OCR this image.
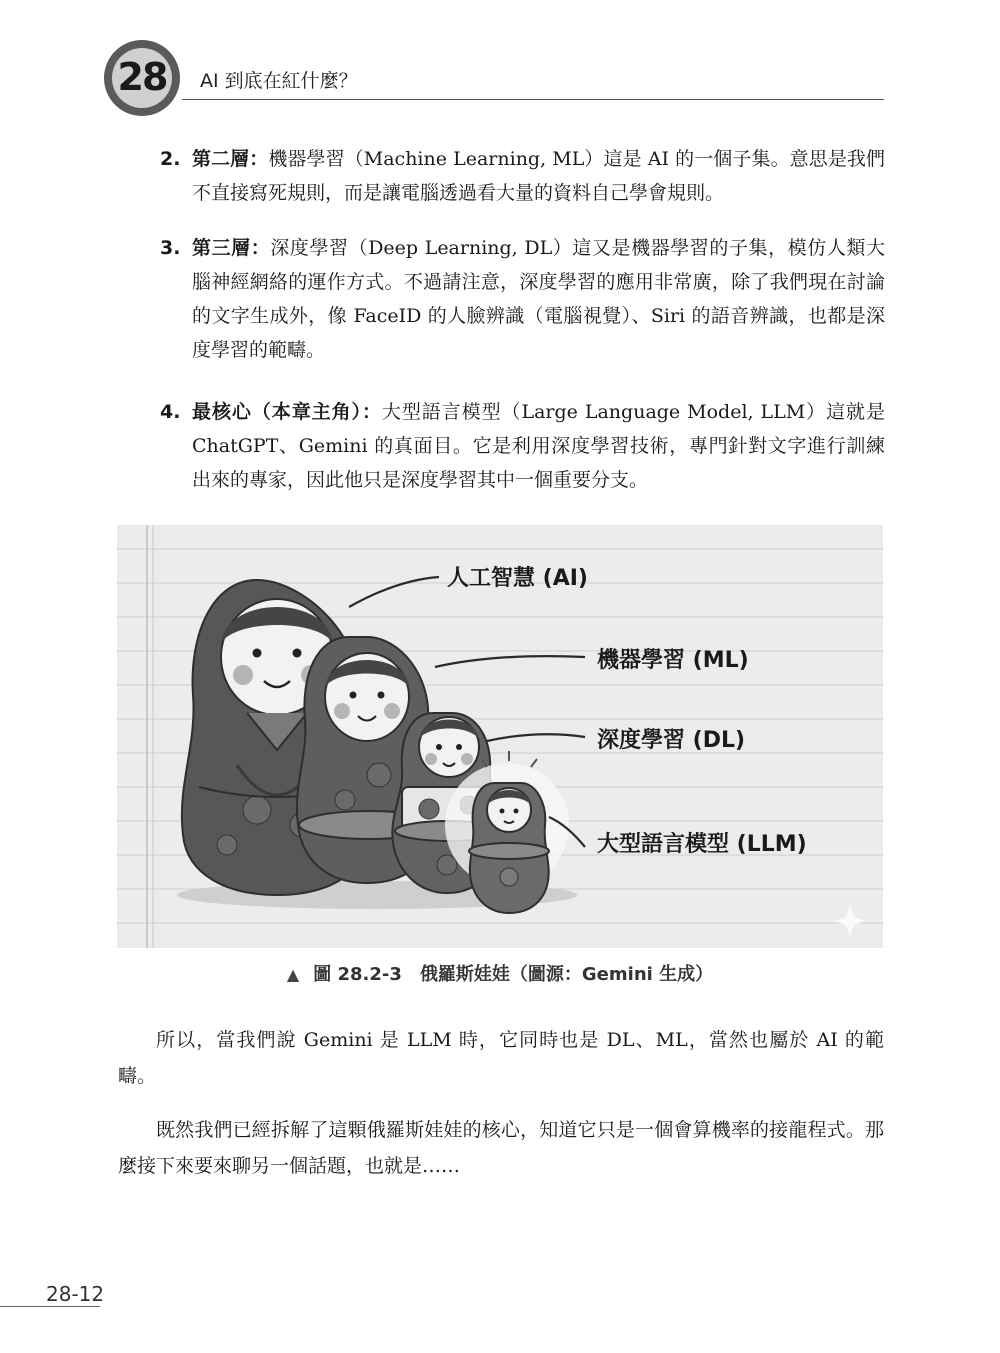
28	AI 到底在紅什麼？
2. 第二層：機器學習（Machine Learning, ML）這是 AI 的一個子集。意思是我們不直接寫死規則，而是讓電腦透過看大量的資料自己學會規則。
3. 第三層：深度學習（Deep Learning, DL）這又是機器學習的子集，模仿人類大腦神經網絡的運作方式。不過請注意，深度學習的應用非常廣，除了我們現在討論的文字生成外，像 FaceID 的人臉辨識（電腦視覺）、Siri 的語音辨識，也都是深度學習的範疇。
4. 最核心（本章主角）：大型語言模型（Large Language Model, LLM）這就是 ChatGPT、Gemini 的真面目。它是利用深度學習技術，專門針對文字進行訓練出來的專家，因此他只是深度學習其中一個重要分支。
人工智慧 (AI)
機器學習 (ML)
深度學習 (DL)
大型語言模型 (LLM)
▲ 圖 28.2-3 俄羅斯娃娃（圖源：Gemini 生成）
所以，當我們說 Gemini 是 LLM 時，它同時也是 DL、ML，當然也屬於 AI 的範疇。
既然我們已經拆解了這顆俄羅斯娃娃的核心，知道它只是一個會算機率的接龍程式。那麼接下來要來聊另一個話題，也就是……
28-12
